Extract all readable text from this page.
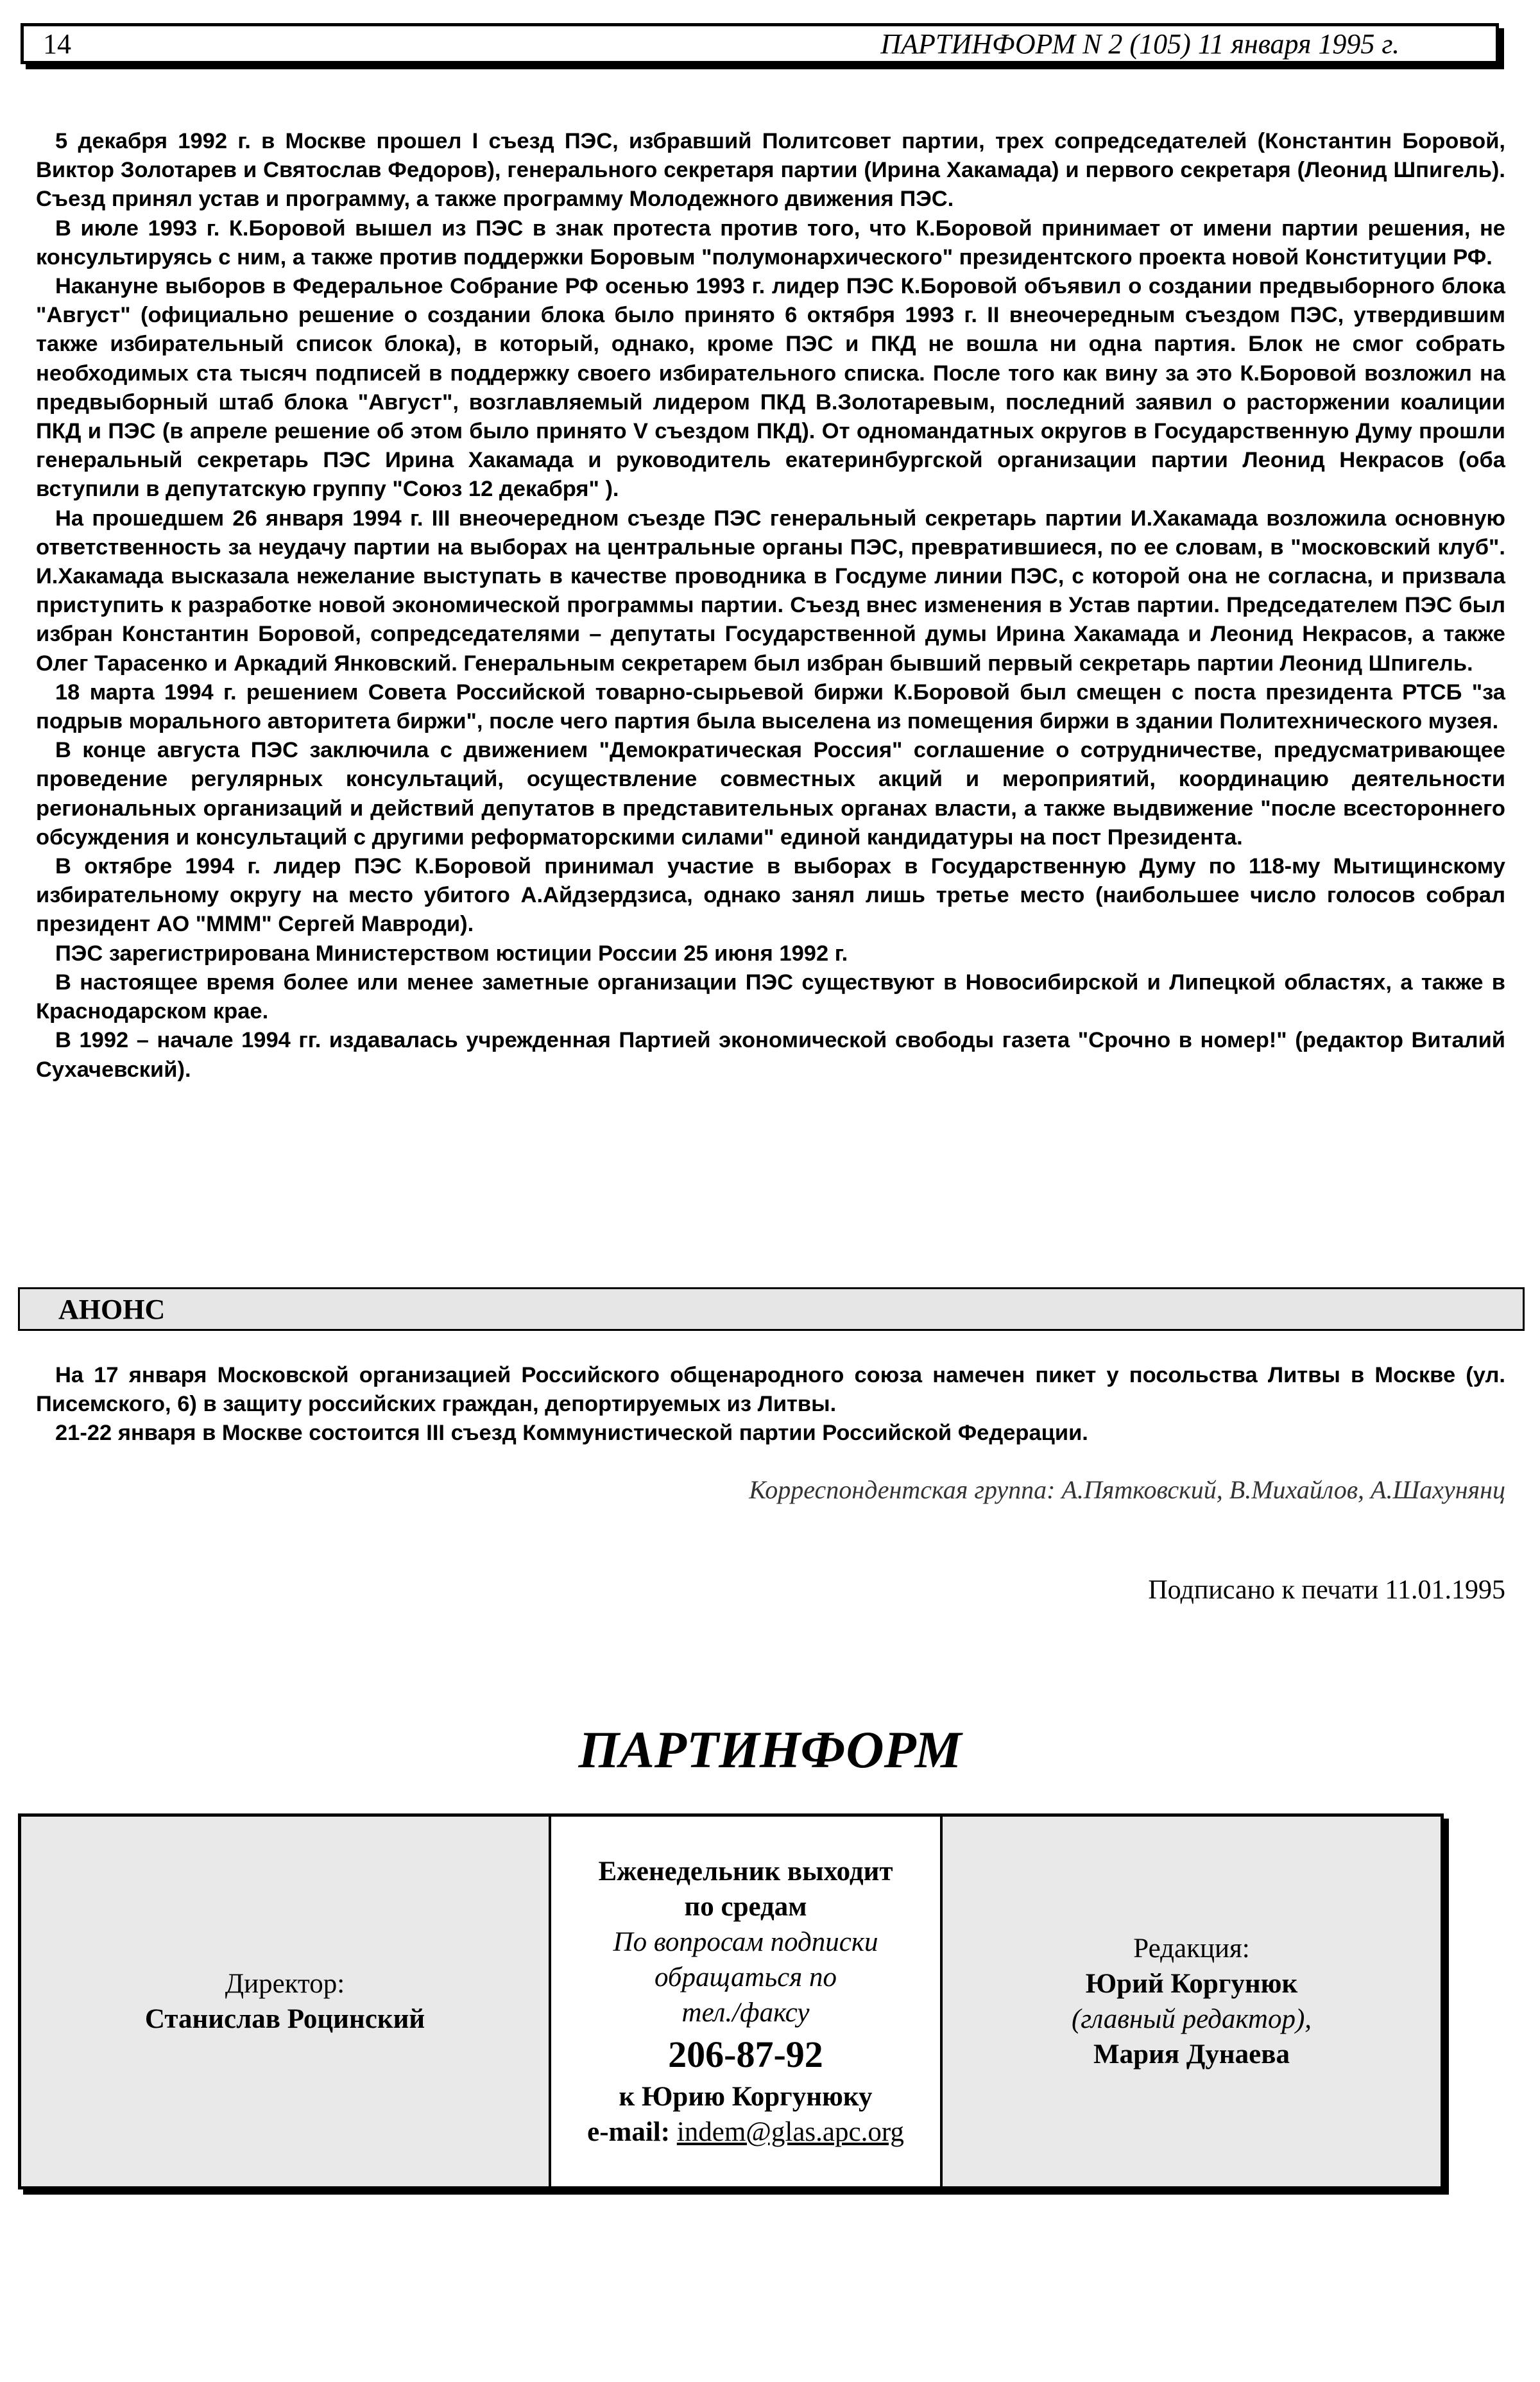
14	ПАРТИНФОРМ N 2 (105) 11 января 1995 г.

5 декабря 1992 г. в Москве прошел I съезд ПЭС, избравший Политсовет партии, трех сопредседателей (Константин Боровой, Виктор Золотарев и Святослав Федоров), генерального секретаря партии (Ирина Хакамада) и первого секретаря (Леонид Шпигель). Съезд принял устав и программу, а также программу Молодежного движения ПЭС.

В июле 1993 г. К.Боровой вышел из ПЭС в знак протеста против того, что К.Боровой принимает от имени партии решения, не консультируясь с ним, а также против поддержки Боровым "полумонархического" президентского проекта новой Конституции РФ.

Накануне выборов в Федеральное Собрание РФ осенью 1993 г. лидер ПЭС К.Боровой объявил о создании предвыборного блока "Август" (официально решение о создании блока было принято 6 октября 1993 г. II внеочередным съездом ПЭС, утвердившим также избирательный список блока), в который, однако, кроме ПЭС и ПКД не вошла ни одна партия. Блок не смог собрать необходимых ста тысяч подписей в поддержку своего избирательного списка. После того как вину за это К.Боровой возложил на предвыборный штаб блока "Август", возглавляемый лидером ПКД В.Золотаревым, последний заявил о расторжении коалиции ПКД и ПЭС (в апреле решение об этом было принято V съездом ПКД). От одномандатных округов в Государственную Думу прошли генеральный секретарь ПЭС Ирина Хакамада и руководитель екатеринбургской организации партии Леонид Некрасов (оба вступили в депутатскую группу "Союз 12 декабря" ).

На прошедшем 26 января 1994 г. III внеочередном съезде ПЭС генеральный секретарь партии И.Хакамада возложила основную ответственность за неудачу партии на выборах на центральные органы ПЭС, превратившиеся, по ее словам, в "московский клуб". И.Хакамада высказала нежелание выступать в качестве проводника в Госдуме линии ПЭС, с которой она не согласна, и призвала приступить к разработке новой экономической программы партии. Съезд внес изменения в Устав партии. Председателем ПЭС был избран Константин Боровой, сопредседателями – депутаты Государственной думы Ирина Хакамада и Леонид Некрасов, а также Олег Тарасенко и Аркадий Янковский. Генеральным секретарем был избран бывший первый секретарь партии Леонид Шпигель.

18 марта 1994 г. решением Совета Российской товарно-сырьевой биржи К.Боровой был смещен с поста президента РТСБ "за подрыв морального авторитета биржи", после чего партия была выселена из помещения биржи в здании Политехнического музея.

В конце августа ПЭС заключила с движением "Демократическая Россия" соглашение о сотрудничестве, предусматривающее проведение регулярных консультаций, осуществление совместных акций и мероприятий, координацию деятельности региональных организаций и действий депутатов в представительных органах власти, а также выдвижение "после всестороннего обсуждения и консультаций с другими реформаторскими силами" единой кандидатуры на пост Президента.

В октябре 1994 г. лидер ПЭС К.Боровой принимал участие в выборах в Государственную Думу по 118-му Мытищинскому избирательному округу на место убитого А.Айдзердзиса, однако занял лишь третье место (наибольшее число голосов собрал президент АО "МММ" Сергей Мавроди).

ПЭС зарегистрирована Министерством юстиции России 25 июня 1992 г.

В настоящее время более или менее заметные организации ПЭС существуют в Новосибирской и Липецкой областях, а также в Краснодарском крае.

В 1992 – начале 1994 гг. издавалась учрежденная Партией экономической свободы газета "Срочно в номер!" (редактор Виталий Сухачевский).

АНОНС

На 17 января Московской организацией Российского общенародного союза намечен пикет у посольства Литвы в Москве (ул. Писемского, 6) в защиту российских граждан, депортируемых из Литвы.

21-22 января в Москве состоится III съезд Коммунистической партии Российской Федерации.

Корреспондентская группа: А.Пятковский, В.Михайлов, А.Шахунянц
Подписано к печати 11.01.1995
ПАРТИНФОРМ
Директор:
Станислав Роцинский
Еженедельник выходит
по средам
По вопросам подписки
обращаться по
тел./факсу
206-87-92
к Юрию Коргунюку
e-mail: indem@glas.apc.org
Редакция:
Юрий Коргунюк
(главный редактор),
Мария Дунаева
